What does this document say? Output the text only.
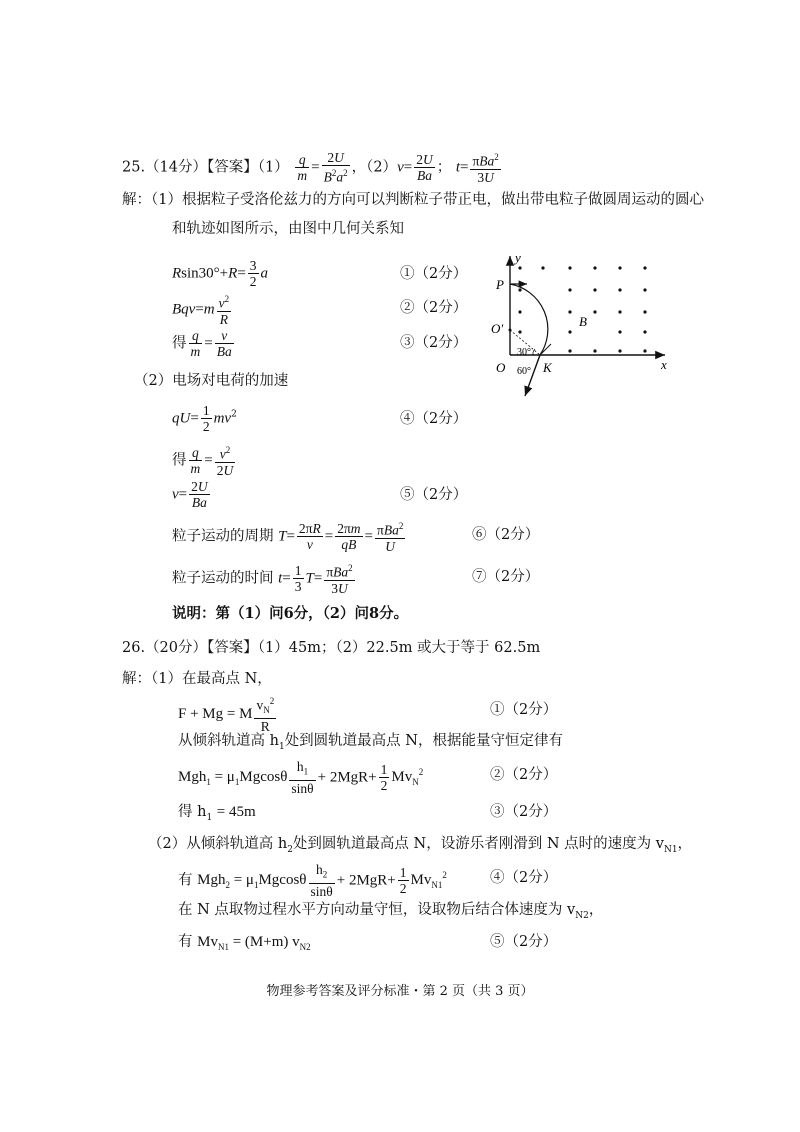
25.（14分）【答案】$(1) \frac{q}{m} = \frac{2U}{B^2a^2}$ ，$(2)v= \frac{2U}{Ba}$ ； $t= \frac{\pi Ba^2}{3U}$
解：（1）根据粒子受洛伦兹力的方向可以判断粒子带正电，做出带电粒子做圆周运动的圆心
和轨迹如图所示，由图中几何关系知
$Rsin30^\circ+R= \frac{3}{2}$ a	①（2分）
$Bqv=m \frac{v^2}{R}$	②（2分）
得 $\frac{q}{m} = \frac{v}{Ba}$	③（2分）
y
x
P
O′
O
B
K
30°
60°
（2）电场对电荷的加速
$qU= \frac{1}{2} mv^2$	④（2分）
得 $\frac{q}{m} = \frac{v^2}{2U}$
$v= \frac{2U}{Ba}$	⑤（2分）
粒子运动的周期 $T= \frac{2\pi R}{v} = \frac{2\pi m}{qB} = \frac{\pi Ba^2}{U}$	⑥（2分）
粒子运动的时间 $t= \frac{1}{3} T= \frac{\pi Ba^2}{3U}$	⑦（2分）
说明：第（1）问6分，（2）问8分。
26.（20分）【答案】（1）45m；（2）22.5m 或大于等于 62.5m
解：（1）在最高点 N，
F + Mg = M $\frac{v_N^2}{R}$	①（2分）
从倾斜轨道高 $h_1$处到圆轨道最高点 N，根据能量守恒定律有
$Mgh_1 = \mu_1Mgcos\theta \frac{h_1}{\sin\theta} + 2MgR+ \frac{1}{2} Mv_N^2$	②（2分）
得 $h_1 = 45m$	③（2分）
（2）从倾斜轨道高 $h_2$处到圆轨道最高点 N，设游乐者刚滑到 N 点时的速度为 $v_{N1}$，
有 $Mgh_2 = \mu_1Mgcos\theta \frac{h_2}{\sin\theta} + 2MgR+ \frac{1}{2} Mv_{N1}^2$	④（2分）
在 N 点取物过程水平方向动量守恒，设取物后结合体速度为 $v_{N2}$，
有 $Mv_{N1} = (M+m)$ $v_{N2}$	⑤（2分）
物理参考答案及评分标准・第 2 页（共 3 页）
